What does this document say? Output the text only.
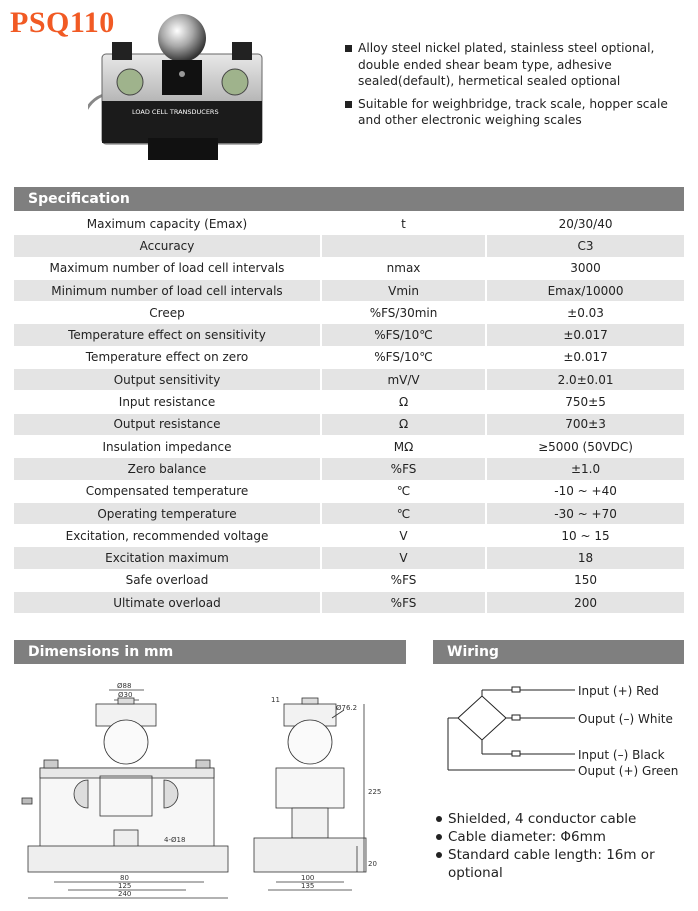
PSQ110
LOAD CELL TRANSDUCERS
Alloy steel nickel plated, stainless steel optional, double ended shear beam type, adhesive sealed(default), hermetical sealed optional
Suitable for weighbridge, track scale, hopper scale and other electronic weighing scales
Specification
Maximum capacity (Emax)	t	20/30/40
Accuracy		C3
Maximum number of load cell intervals	nmax	3000
Minimum number of load cell intervals	Vmin	Emax/10000
Creep	%FS/30min	±0.03
Temperature effect on sensitivity	%FS/10℃	±0.017
Temperature effect on zero	%FS/10℃	±0.017
Output sensitivity	mV/V	2.0±0.01
Input resistance	Ω	750±5
Output resistance	Ω	700±3
Insulation impedance	MΩ	≥5000 (50VDC)
Zero balance	%FS	±1.0
Compensated temperature	℃	-10 ~ +40
Operating temperature	℃	-30 ~ +70
Excitation, recommended voltage	V	10 ~ 15
Excitation maximum	V	18
Safe overload	%FS	150
Ultimate overload	%FS	200
Dimensions in mm	Wiring
Ø88
Ø30
4-Ø18
80
125
240
Ø76.2
11
225
20
100
135
Input (+) Red
Ouput (–) White
Input (–) Black
Ouput (+) Green
Shielded, 4 conductor cable
Cable diameter: Φ6mm
Standard cable length: 16m or optional
